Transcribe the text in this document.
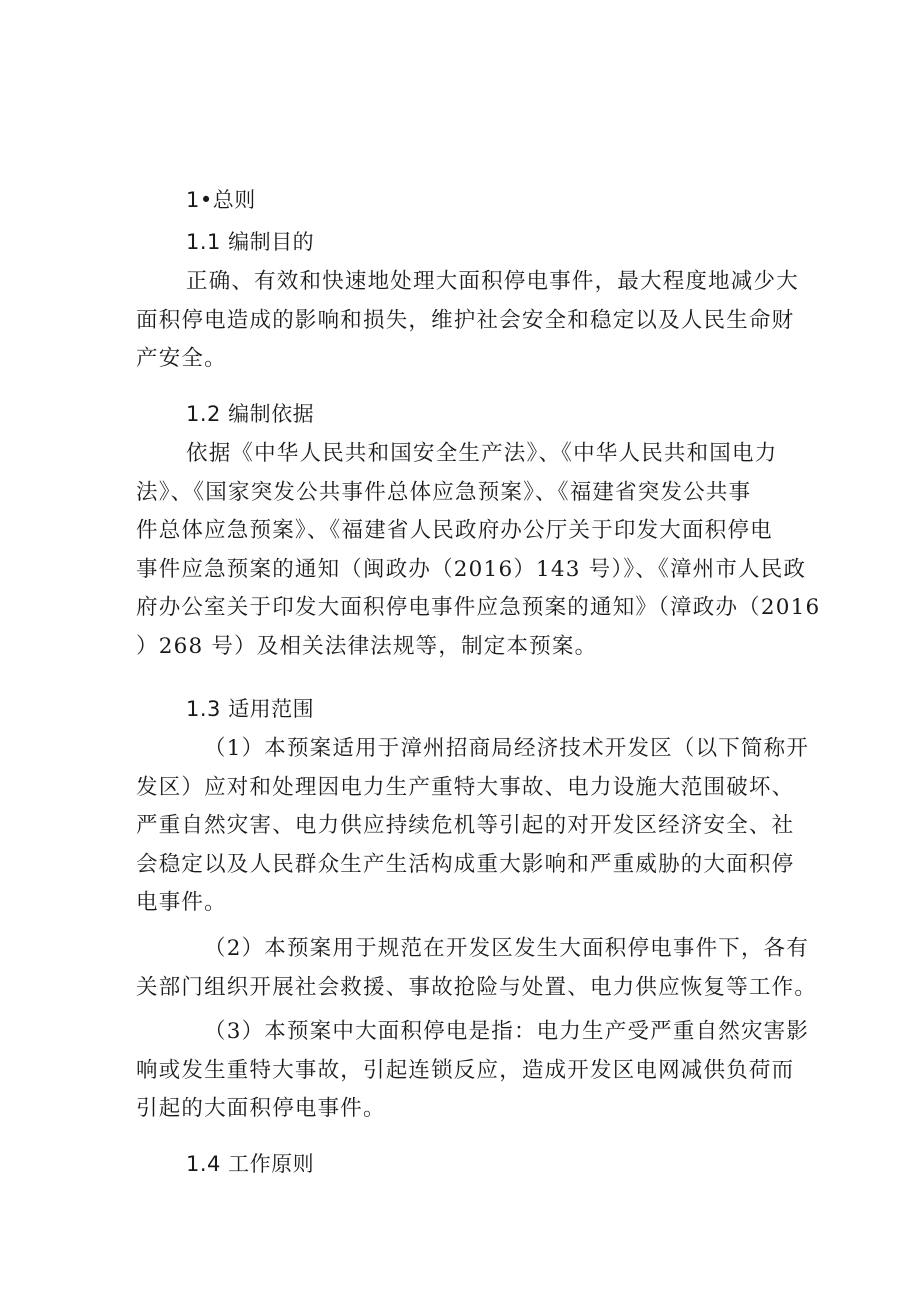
1•总则
1.1 编制目的
正确、有效和快速地处理大面积停电事件，最大程度地减少大
面积停电造成的影响和损失，维护社会安全和稳定以及人民生命财
产安全。
1.2 编制依据
依据《中华人民共和国安全生产法》、《中华人民共和国电力
法》、《国家突发公共事件总体应急预案》、《福建省突发公共事
件总体应急预案》、《福建省人民政府办公厅关于印发大面积停电
事件应急预案的通知（闽政办（2016）143 号）》、《漳州市人民政
府办公室关于印发大面积停电事件应急预案的通知》（漳政办（2016
）268 号）及相关法律法规等，制定本预案。
1.3 适用范围
（1）本预案适用于漳州招商局经济技术开发区（以下简称开
发区）应对和处理因电力生产重特大事故、电力设施大范围破坏、
严重自然灾害、电力供应持续危机等引起的对开发区经济安全、社
会稳定以及人民群众生产生活构成重大影响和严重威胁的大面积停
电事件。
（2）本预案用于规范在开发区发生大面积停电事件下，各有
关部门组织开展社会救援、事故抢险与处置、电力供应恢复等工作。
（3）本预案中大面积停电是指：电力生产受严重自然灾害影
响或发生重特大事故，引起连锁反应，造成开发区电网减供负荷而
引起的大面积停电事件。
1.4 工作原则
